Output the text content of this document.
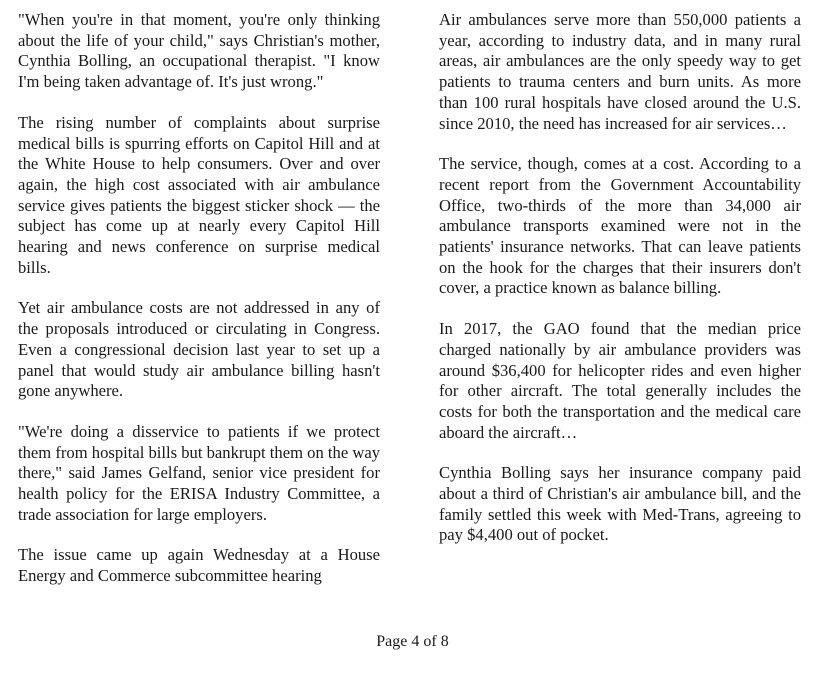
"When you're in that moment, you're only thinking about the life of your child," says Christian's mother, Cynthia Bolling, an occupational therapist. "I know I'm being taken advantage of. It's just wrong."

The rising number of complaints about surprise medical bills is spurring efforts on Capitol Hill and at the White House to help consumers. Over and over again, the high cost associated with air ambulance service gives patients the biggest sticker shock — the subject has come up at nearly every Capitol Hill hearing and news conference on surprise medical bills.

Yet air ambulance costs are not addressed in any of the proposals introduced or circulating in Congress. Even a congressional decision last year to set up a panel that would study air ambulance billing hasn't gone anywhere.

"We're doing a disservice to patients if we protect them from hospital bills but bankrupt them on the way there," said James Gelfand, senior vice president for health policy for the ERISA Industry Committee, a trade association for large employers.

The issue came up again Wednesday at a House Energy and Commerce subcommittee hearing

Air ambulances serve more than 550,000 patients a year, according to industry data, and in many rural areas, air ambulances are the only speedy way to get patients to trauma centers and burn units. As more than 100 rural hospitals have closed around the U.S. since 2010, the need has increased for air services…

The service, though, comes at a cost. According to a recent report from the Government Accountability Office, two-thirds of the more than 34,000 air ambulance transports examined were not in the patients' insurance networks. That can leave patients on the hook for the charges that their insurers don't cover, a practice known as balance billing.

In 2017, the GAO found that the median price charged nationally by air ambulance providers was around $36,400 for helicopter rides and even higher for other aircraft. The total generally includes the costs for both the transportation and the medical care aboard the aircraft…

Cynthia Bolling says her insurance company paid about a third of Christian's air ambulance bill, and the family settled this week with Med-Trans, agreeing to pay $4,400 out of pocket.

Page 4 of 8
